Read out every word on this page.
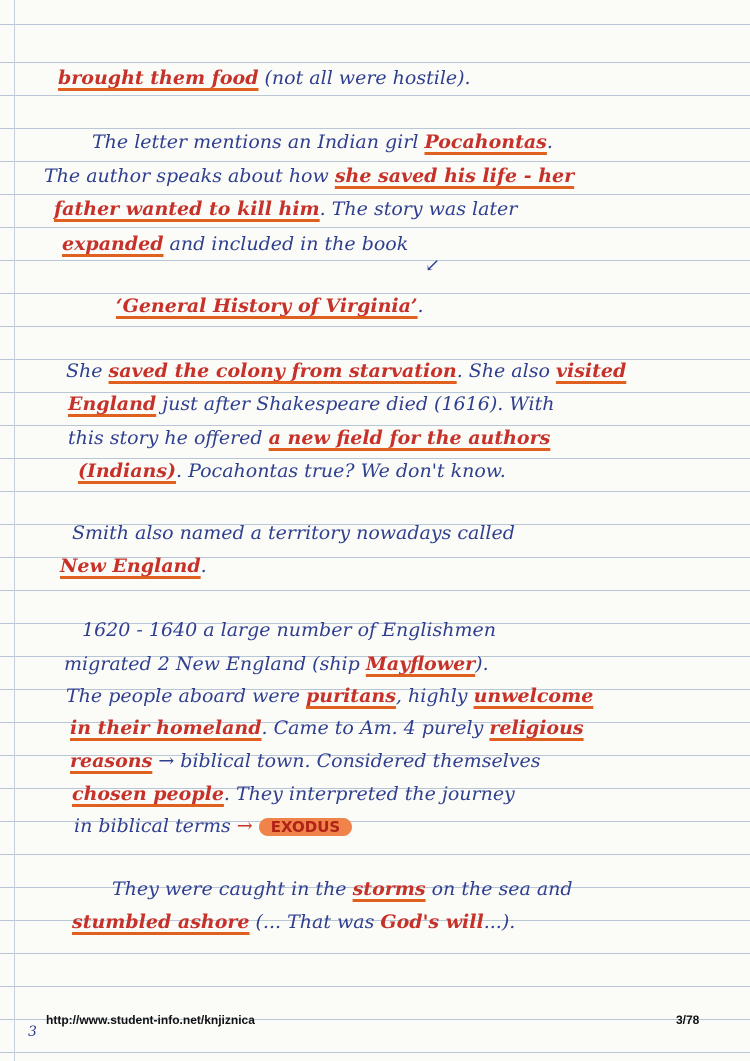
brought them food (not all were hostile).
The letter mentions an Indian girl Pocahontas.
The author speaks about how she saved his life - her
father wanted to kill him. The story was later
expanded and included in the book
↙
‘General History of Virginia’.
She saved the colony from starvation. She also visited
England just after Shakespeare died (1616). With
this story he offered a new field for the authors
(Indians). Pocahontas true? We don't know.
Smith also named a territory nowadays called
New England.
1620 - 1640 a large number of Englishmen
migrated 2 New England (ship Mayflower).
The people aboard were puritans, highly unwelcome
in their homeland. Came to Am. 4 purely religious
reasons → biblical town. Considered themselves
chosen people. They interpreted the journey
in biblical terms → EXODUS
They were caught in the storms on the sea and
stumbled ashore (... That was God's will...).
http://www.student-info.net/knjiznica	3/78
3
